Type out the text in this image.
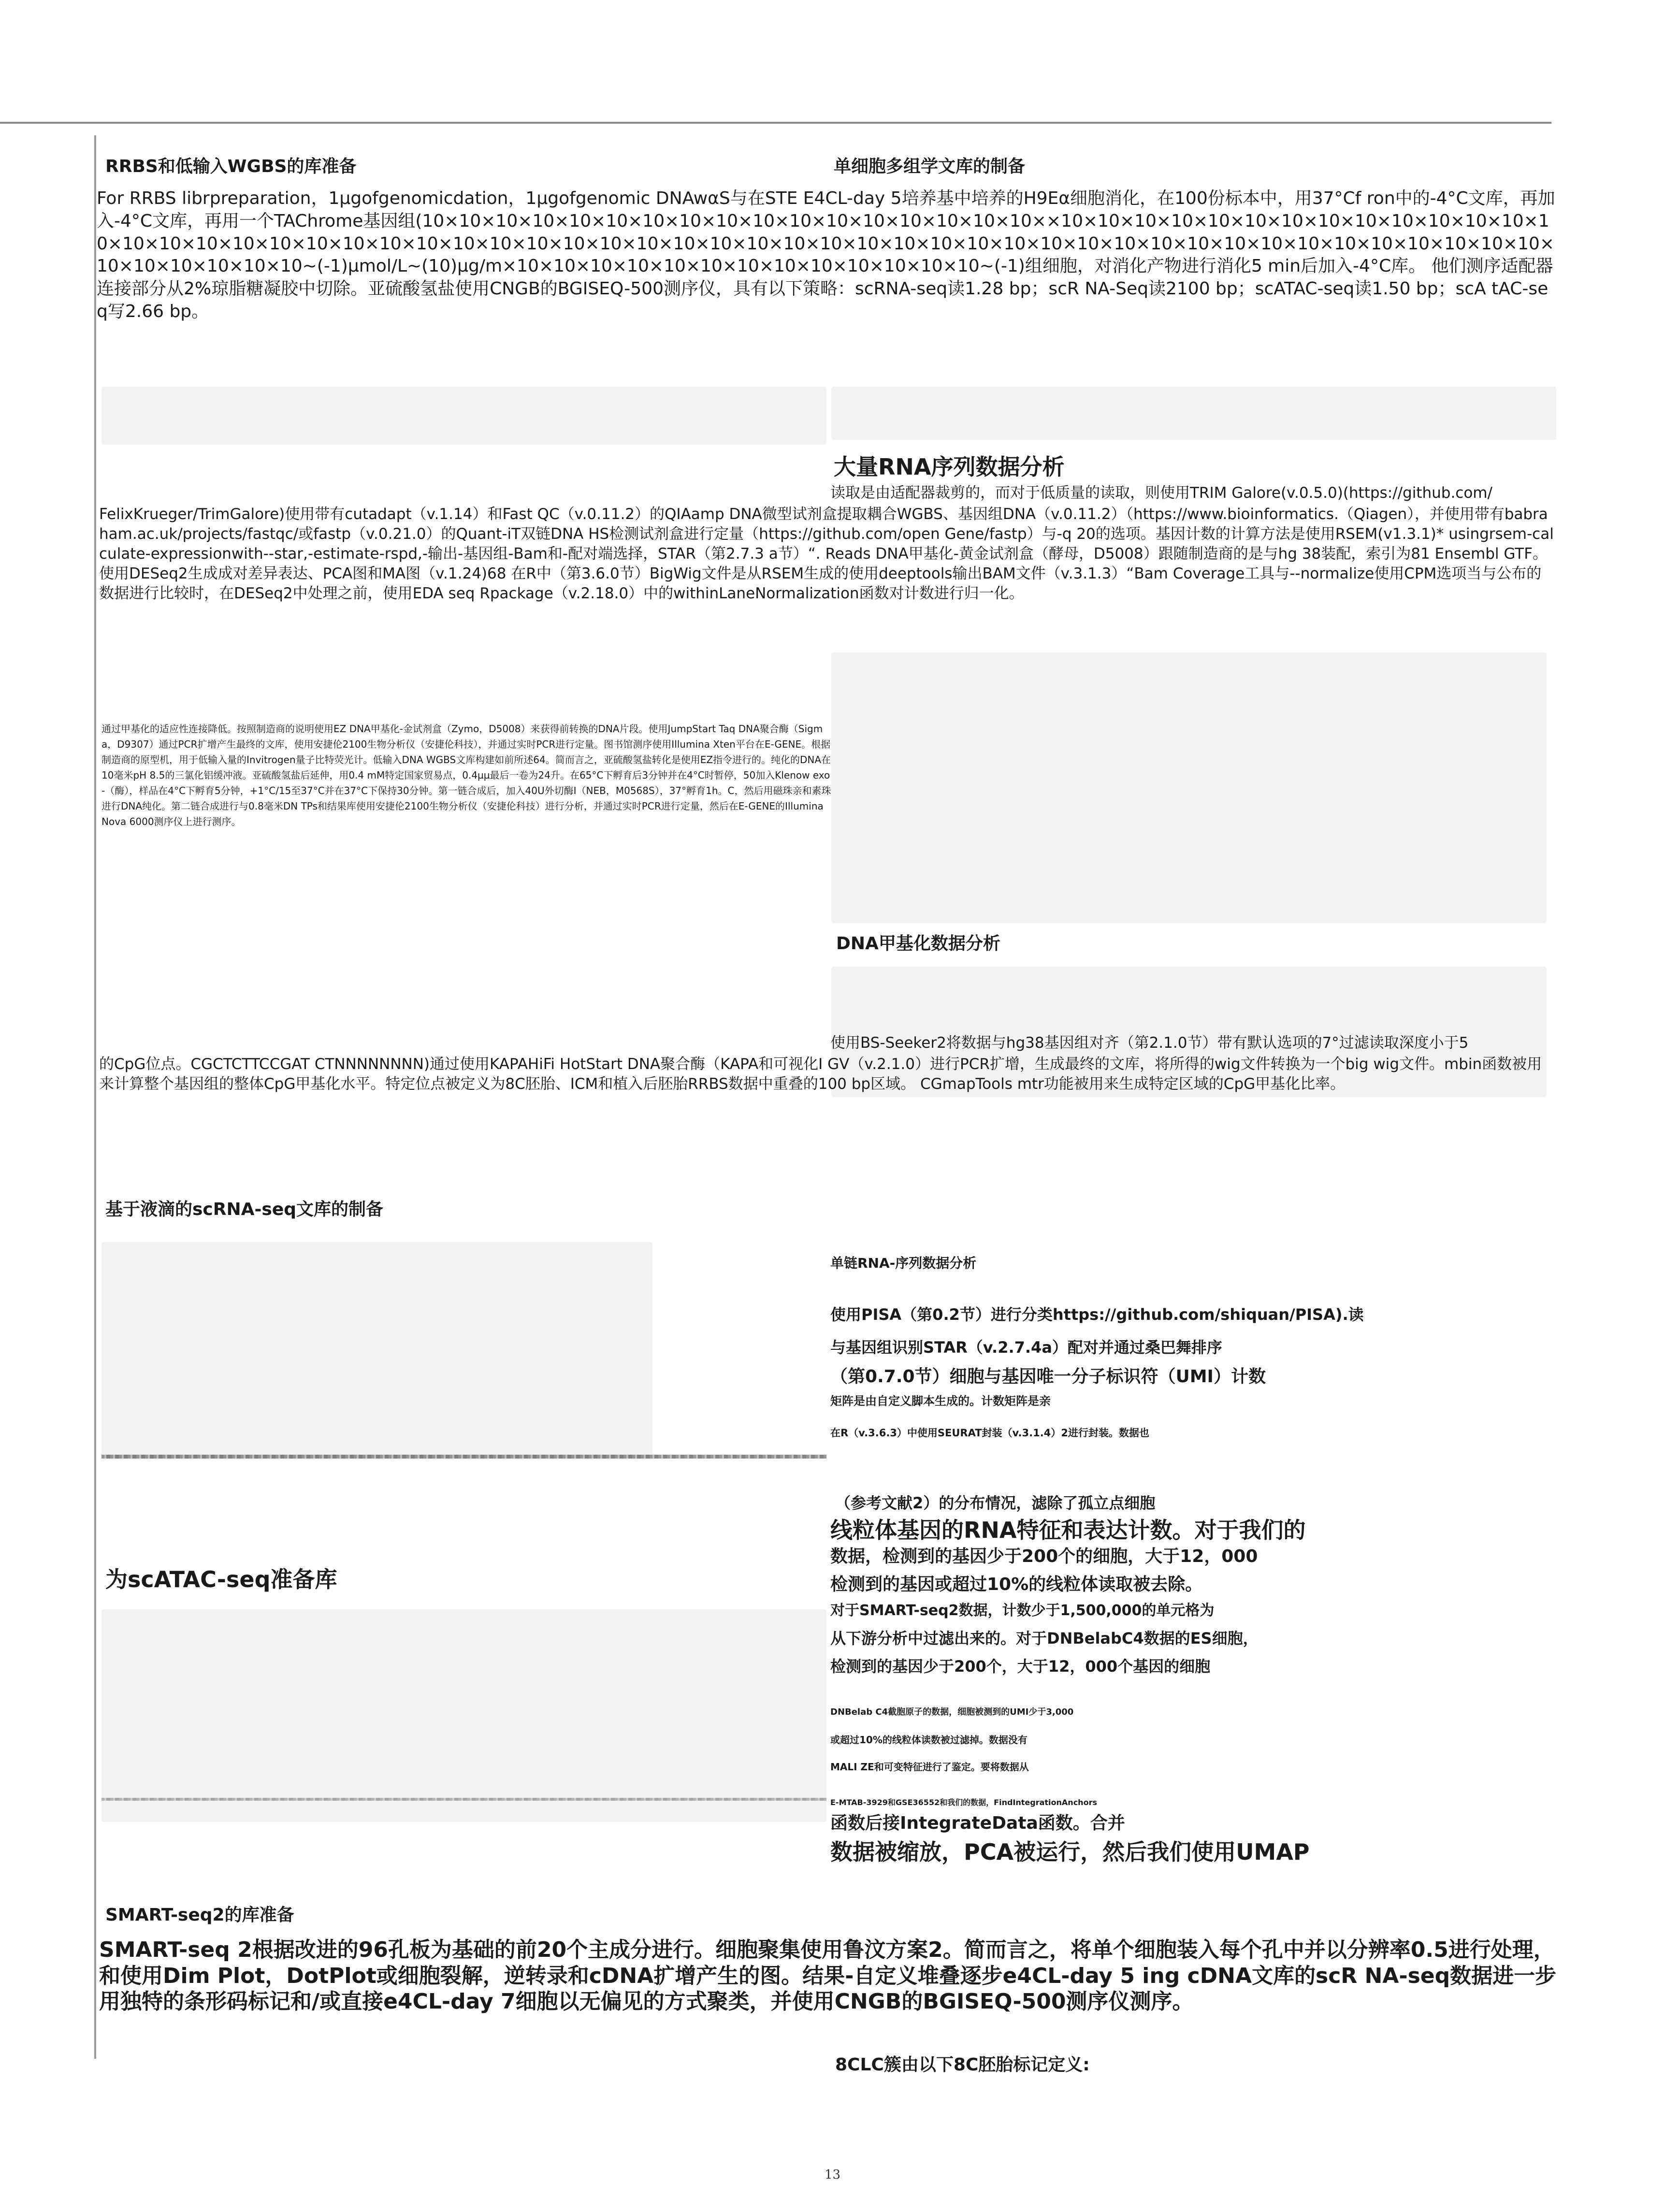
RRBS和低输入WGBS的库准备	单细胞多组学文库的制备

For RRBS librpreparation，1µgofgenomicdation，1µgofgenomic DNAwαS与在STE E4CL-day 5培养基中培养的H9Eα细胞消化，在100份标本中，用37°Cf ron中的-4°C文库，再加入-4°C文库，再用一个TAChrome基因组(10×10×10×10×10×10×10×10×10×10×10×10×10×10×10×10×10××10×10×10×10×10×10×10×10×10×10×10×10×10×10×10×10×10×10×10×10×10×10×10×10×10×10×10×10×10×10×10×10×10×10×10×10×10×10×10×10×10×10×10×10×10×10×10×10×10×10×10×10×10×10×10×10×10×10×10~(-1)µmol/L~(10)µg/m×10×10×10×10×10×10×10×10×10×10×10×10×10~(-1)组细胞，对消化产物进行消化5 min后加入-4°C库。 他们测序适配器连接部分从2%琼脂糖凝胶中切除。亚硫酸氢盐使用CNGB的BGISEQ-500测序仪，具有以下策略：scRNA-seq读1.28 bp；scR NA-Seq读2100 bp；scATAC-seq读1.50 bp；scA tAC-seq写2.66 bp。

大量RNA序列数据分析

读取是由适配器裁剪的，而对于低质量的读取，则使用TRIM Galore(v.0.5.0)(https://github.com/

FelixKrueger/TrimGalore)使用带有cutadapt（v.1.14）和Fast QC（v.0.11.2）的QIAamp DNA微型试剂盒提取耦合WGBS、基因组DNA（v.0.11.2）（https://www.bioinformatics.（Qiagen），并使用带有babraham.ac.uk/projects/fastqc/或fastp（v.0.21.0）的Quant-iT双链DNA HS检测试剂盒进行定量（https://github.com/open Gene/fastp）与-q 20的选项。基因计数的计算方法是使用RSEM(v1.3.1)* usingrsem-calculate-expressionwith--star,-estimate-rspd,-输出-基因组-Bam和-配对端选择，STAR（第2.7.3 a节）“. Reads DNA甲基化-黄金试剂盒（酵母，D5008）跟随制造商的是与hg 38装配，索引为81 Ensembl GTF。使用DESeq2生成成对差异表达、PCA图和MA图（v.1.24)68 在R中（第3.6.0节）BigWig文件是从RSEM生成的使用deeptools输出BAM文件（v.3.1.3）“Bam Coverage工具与--normalize使用CPM选项当与公布的数据进行比较时，在DESeq2中处理之前，使用EDA seq Rpackage（v.2.18.0）中的withinLaneNormalization函数对计数进行归一化。

通过甲基化的适应性连接降低。按照制造商的说明使用EZ DNA甲基化-金试剂盒（Zymo，D5008）来获得前转换的DNA片段。使用JumpStart Taq DNA聚合酶（Sigma，D9307）通过PCR扩增产生最终的文库，使用安捷伦2100生物分析仪（安捷伦科技），并通过实时PCR进行定量。图书馆测序使用Illumina Xten平台在E-GENE。根据制造商的原型机，用于低输入量的Invitrogen量子比特荧光计。低输入DNA WGBS文库构建如前所述64。简而言之，亚硫酸氢盐转化是使用EZ指令进行的。纯化的DNA在10毫米pH 8.5的三氯化铝缓冲液。亚硫酸氢盐后延伸，用0.4 mM特定国家贸易点，0.4µµ最后一卷为24升。在65°C下孵育后3分钟并在4°C时暂停，50加入Klenow exo-（酶），样品在4°C下孵育5分钟，+1°C/15至37°C并在37°C下保持30分钟。第一链合成后，加入40U外切酶I（NEB，M0568S），37°孵育1h。C，然后用磁珠亲和素珠进行DNA纯化。第二链合成进行与0.8毫米DN TPs和结果库使用安捷伦2100生物分析仪（安捷伦科技）进行分析，并通过实时PCR进行定量，然后在E-GENE的Illumina Nova 6000测序仪上进行测序。

DNA甲基化数据分析

使用BS-Seeker2将数据与hg38基因组对齐（第2.1.0节）带有默认选项的7°过滤读取深度小于5

的CpG位点。CGCTCTTCCGAT CTNNNNNNNN)通过使用KAPAHiFi HotStart DNA聚合酶（KAPA和可视化I GV（v.2.1.0）进行PCR扩增，生成最终的文库，将所得的wig文件转换为一个big wig文件。mbin函数被用来计算整个基因组的整体CpG甲基化水平。特定位点被定义为8C胚胎、ICM和植入后胚胎RRBS数据中重叠的100 bp区域。 CGmapTools mtr功能被用来生成特定区域的CpG甲基化比率。

基于液滴的scRNA-seq文库的制备
单链RNA-序列数据分析
使用PISA（第0.2节）进行分类https://github.com/shiquan/PISA).读
与基因组识别STAR（v.2.7.4a）配对并通过桑巴舞排序
（第0.7.0节）细胞与基因唯一分子标识符（UMI）计数
矩阵是由自定义脚本生成的。计数矩阵是亲
在R（v.3.6.3）中使用SEURAT封装（v.3.1.4）2进行封装。数据也
（参考文献2）的分布情况，滤除了孤立点细胞
线粒体基因的RNA特征和表达计数。对于我们的
数据，检测到的基因少于200个的细胞，大于12，000
检测到的基因或超过10%的线粒体读取被去除。
对于SMART-seq2数据，计数少于1,500,000的单元格为
从下游分析中过滤出来的。对于DNBelabC4数据的ES细胞，
检测到的基因少于200个，大于12，000个基因的细胞
DNBelab C4截胞原子的数据，细胞被测到的UMI少于3,000
或超过10%的线粒体读数被过滤掉。数据没有
MALI ZE和可变特征进行了鉴定。要将数据从
E-MTAB-3929和GSE36552和我们的数据，FindIntegrationAnchors
函数后接IntegrateData函数。合并
数据被缩放，PCA被运行，然后我们使用UMAP
为scATAC-seq准备库
SMART-seq2的库准备

SMART-seq 2根据改进的96孔板为基础的前20个主成分进行。细胞聚集使用鲁汶方案2。简而言之，将单个细胞装入每个孔中并以分辨率0.5进行处理，和使用Dim Plot，DotPlot或细胞裂解，逆转录和cDNA扩增产生的图。结果-自定义堆叠逐步e4CL-day 5 ing cDNA文库的scR NA-seq数据进一步用独特的条形码标记和/或直接e4CL-day 7细胞以无偏见的方式聚类，并使用CNGB的BGISEQ-500测序仪测序。

8CLC簇由以下8C胚胎标记定义:
13
